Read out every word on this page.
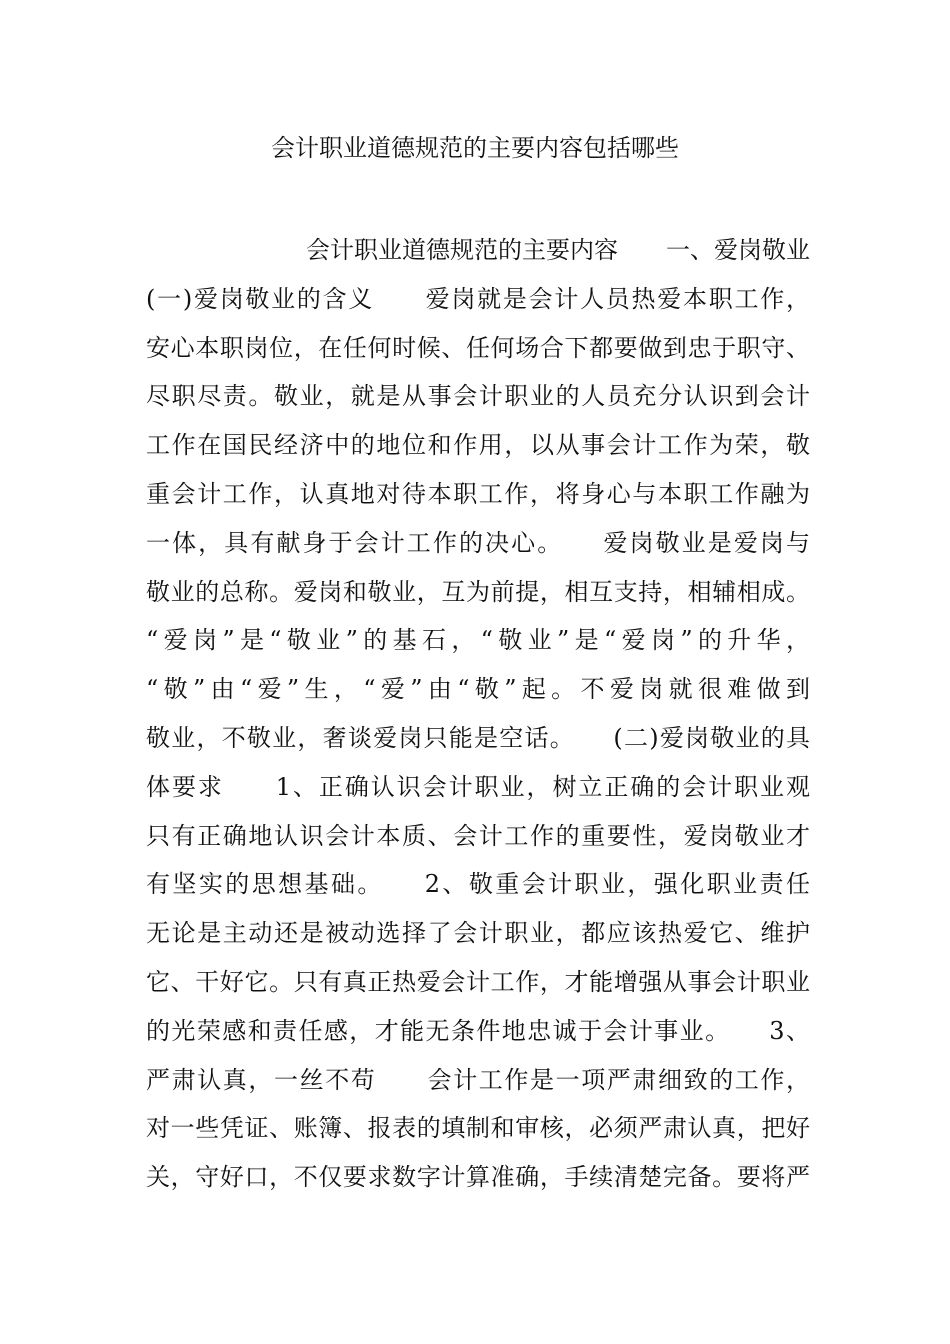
会计职业道德规范的主要内容包括哪些
会计职业道德规范的主要内容　　一、爱岗敬业
(一)爱岗敬业的含义　　爱岗就是会计人员热爱本职工作，
安心本职岗位，在任何时候、任何场合下都要做到忠于职守、
尽职尽责。敬业，就是从事会计职业的人员充分认识到会计
工作在国民经济中的地位和作用，以从事会计工作为荣，敬
重会计工作，认真地对待本职工作，将身心与本职工作融为
一体，具有献身于会计工作的决心。　　爱岗敬业是爱岗与
敬业的总称。爱岗和敬业，互为前提，相互支持，相辅相成。
“爱岗”是“敬业”的基石，“敬业”是“爱岗”的升华，
“敬”由“爱”生，“爱”由“敬”起。不爱岗就很难做到
敬业，不敬业，奢谈爱岗只能是空话。　　(二)爱岗敬业的具
体要求　　1、正确认识会计职业，树立正确的会计职业观
只有正确地认识会计本质、会计工作的重要性，爱岗敬业才
有坚实的思想基础。　　2、敬重会计职业，强化职业责任
无论是主动还是被动选择了会计职业，都应该热爱它、维护
它、干好它。只有真正热爱会计工作，才能增强从事会计职业
的光荣感和责任感，才能无条件地忠诚于会计事业。　　3、
严肃认真，一丝不苟　　会计工作是一项严肃细致的工作，
对一些凭证、账簿、报表的填制和审核，必须严肃认真，把好
关，守好口，不仅要求数字计算准确，手续清楚完备。要将严
